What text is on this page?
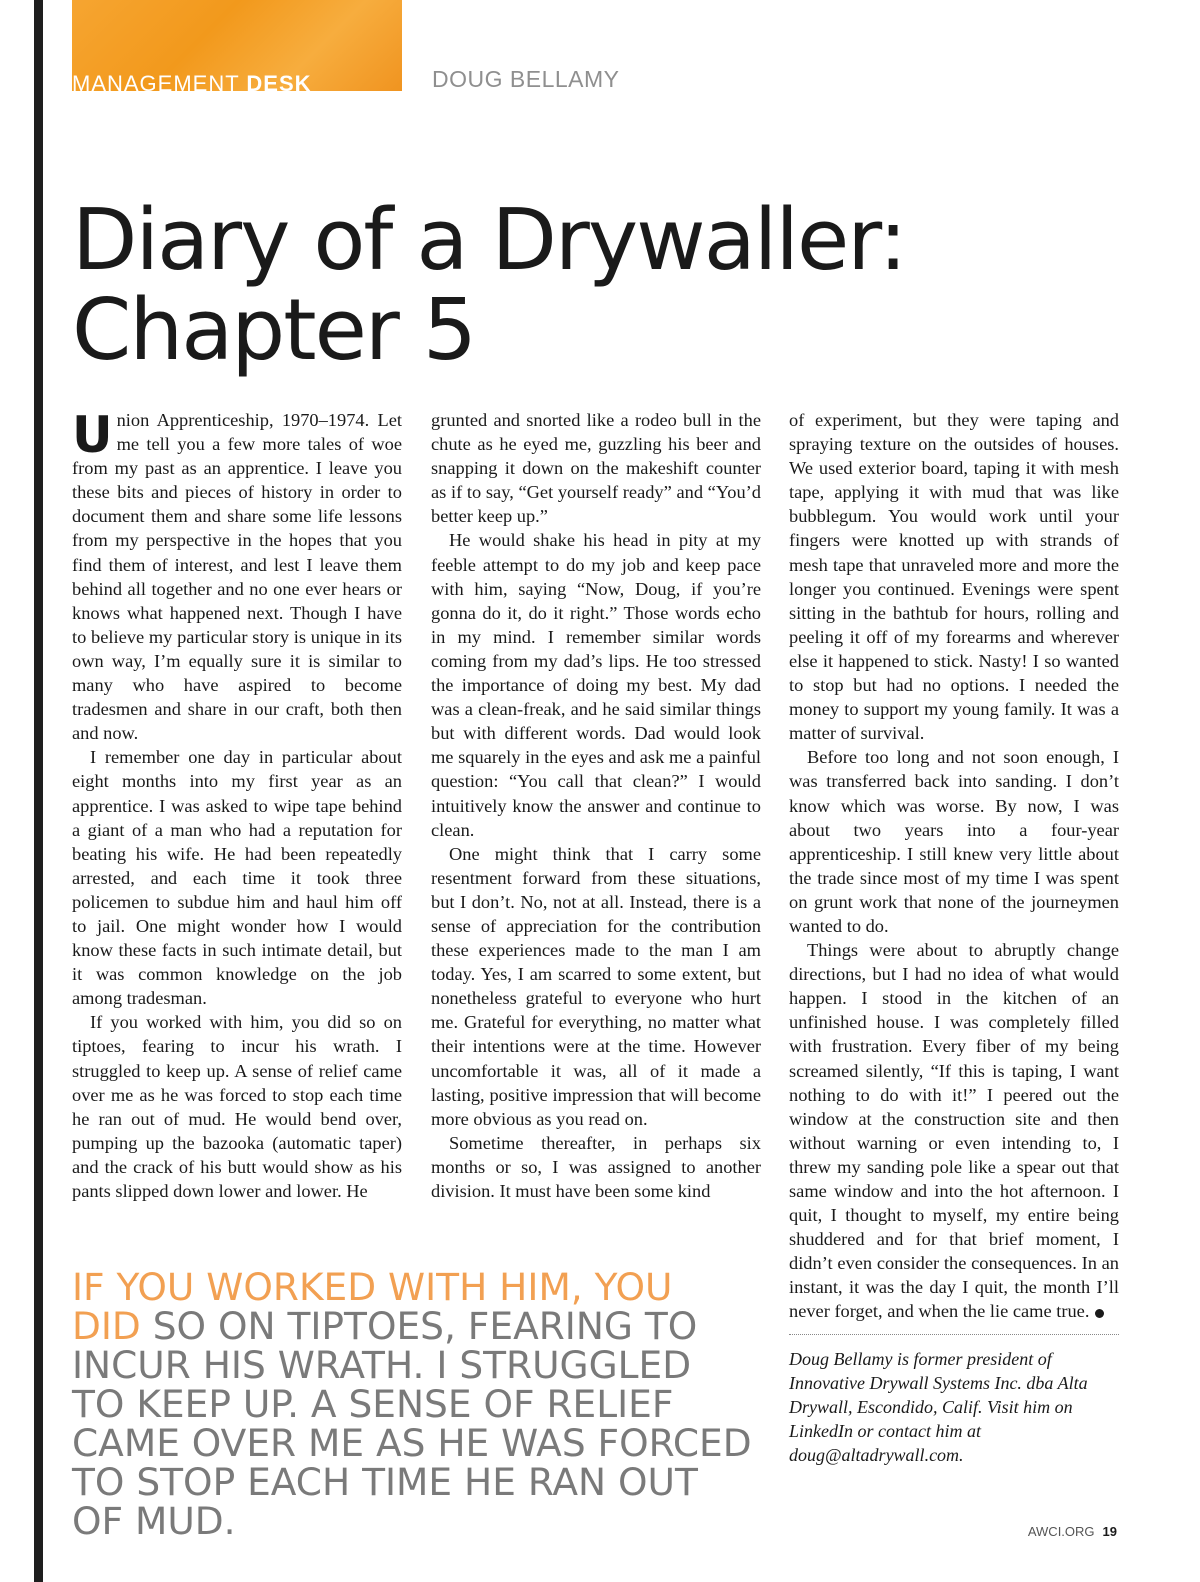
MANAGEMENT DESK	DOUG BELLAMY
Diary of a Drywaller:
Chapter 5

Union Apprenticeship, 1970–1974. Let me tell you a few more tales of woe from my past as an apprentice. I leave you these bits and pieces of history in order to document them and share some life lessons from my perspective in the hopes that you find them of interest, and lest I leave them behind all together and no one ever hears or knows what happened next. Though I have to believe my particular story is unique in its own way, I’m equally sure it is similar to many who have aspired to become tradesmen and share in our craft, both then and now.

I remember one day in particular about eight months into my first year as an apprentice. I was asked to wipe tape behind a giant of a man who had a reputation for beating his wife. He had been repeatedly arrested, and each time it took three policemen to subdue him and haul him off to jail. One might wonder how I would know these facts in such intimate detail, but it was common knowledge on the job among tradesman.

If you worked with him, you did so on tiptoes, fearing to incur his wrath. I struggled to keep up. A sense of relief came over me as he was forced to stop each time he ran out of mud. He would bend over, pumping up the bazooka (automatic taper) and the crack of his butt would show as his pants slipped down lower and lower. He

grunted and snorted like a rodeo bull in the chute as he eyed me, guzzling his beer and snapping it down on the makeshift counter as if to say, “Get yourself ready” and “You’d better keep up.”

He would shake his head in pity at my feeble attempt to do my job and keep pace with him, saying “Now, Doug, if you’re gonna do it, do it right.” Those words echo in my mind. I remember similar words coming from my dad’s lips. He too stressed the importance of doing my best. My dad was a clean-freak, and he said similar things but with different words. Dad would look me squarely in the eyes and ask me a painful question: “You call that clean?” I would intuitively know the answer and continue to clean.

One might think that I carry some resentment forward from these situations, but I don’t. No, not at all. Instead, there is a sense of appreciation for the contribution these experiences made to the man I am today. Yes, I am scarred to some extent, but nonetheless grateful to everyone who hurt me. Grateful for everything, no matter what their intentions were at the time. However uncomfortable it was, all of it made a lasting, positive impression that will become more obvious as you read on.

Sometime thereafter, in perhaps six months or so, I was assigned to another division. It must have been some kind

of experiment, but they were taping and spraying texture on the outsides of houses. We used exterior board, taping it with mesh tape, applying it with mud that was like bubblegum. You would work until your fingers were knotted up with strands of mesh tape that unraveled more and more the longer you continued. Evenings were spent sitting in the bathtub for hours, rolling and peeling it off of my forearms and wherever else it happened to stick. Nasty! I so wanted to stop but had no options. I needed the money to support my young family. It was a matter of survival.

Before too long and not soon enough, I was transferred back into sanding. I don’t know which was worse. By now, I was about two years into a four-year apprenticeship. I still knew very little about the trade since most of my time I was spent on grunt work that none of the journeymen wanted to do.

Things were about to abruptly change directions, but I had no idea of what would happen. I stood in the kitchen of an unfinished house. I was completely filled with frustration. Every fiber of my being screamed silently, “If this is taping, I want nothing to do with it!” I peered out the window at the construction site and then without warning or even intending to, I threw my sanding pole like a spear out that same window and into the hot afternoon. I quit, I thought to myself, my entire being shuddered and for that brief moment, I didn’t even consider the consequences. In an instant, it was the day I quit, the month I’ll never forget, and when the lie came true.

Doug Bellamy is former president of Innovative Drywall Systems Inc. dba Alta Drywall, Escondido, Calif. Visit him on LinkedIn or contact him at doug@altadrywall.com.

IF YOU WORKED WITH HIM, YOU DID SO ON TIPTOES, FEARING TO INCUR HIS WRATH. I STRUGGLED TO KEEP UP. A SENSE OF RELIEF CAME OVER ME AS HE WAS FORCED TO STOP EACH TIME HE RAN OUT OF MUD.	AWCI.ORG 19
